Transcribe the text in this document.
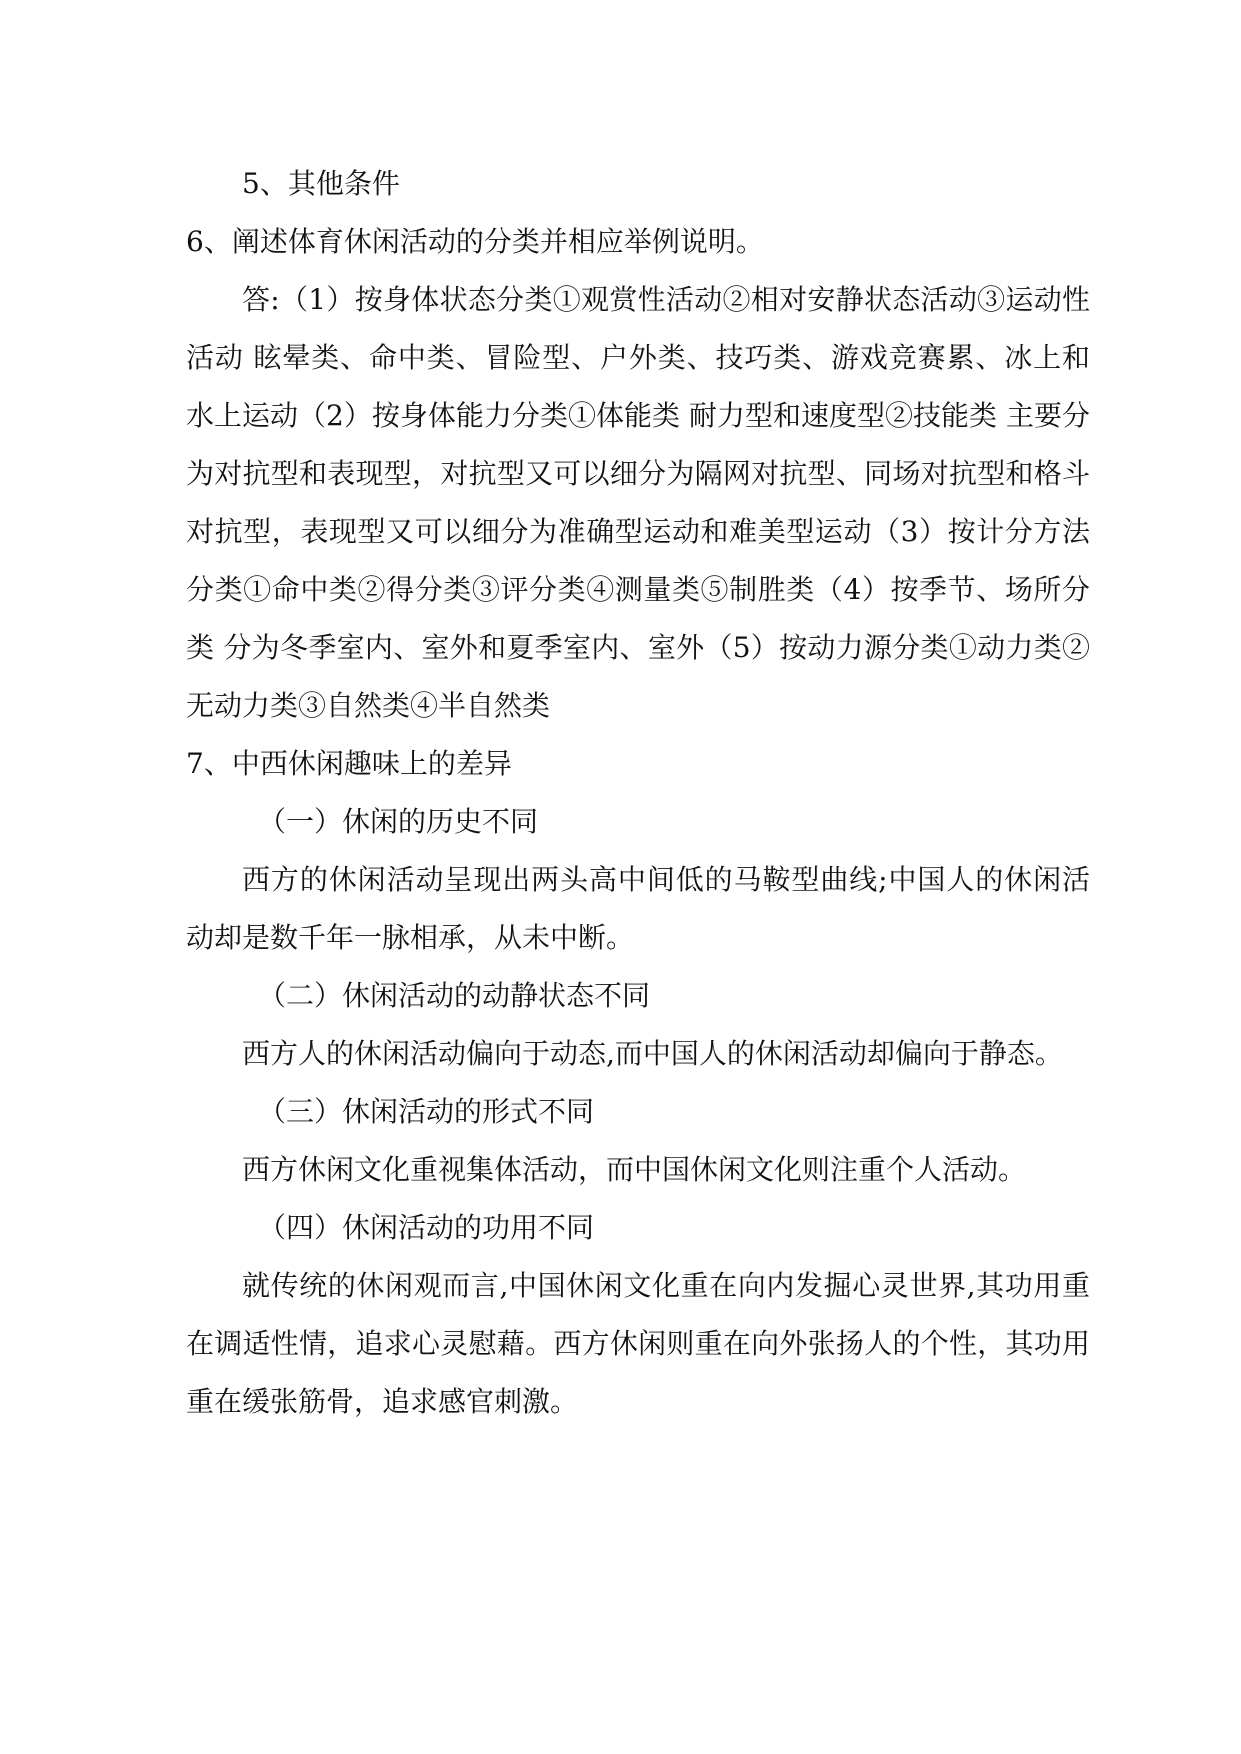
5、其他条件

6、阐述体育休闲活动的分类并相应举例说明。

答:（1）按身体状态分类①观赏性活动②相对安静状态活动③运动性活动 眩晕类、命中类、冒险型、户外类、技巧类、游戏竞赛累、冰上和水上运动（2）按身体能力分类①体能类 耐力型和速度型②技能类 主要分为对抗型和表现型，对抗型又可以细分为隔网对抗型、同场对抗型和格斗对抗型，表现型又可以细分为准确型运动和难美型运动（3）按计分方法分类①命中类②得分类③评分类④测量类⑤制胜类（4）按季节、场所分类 分为冬季室内、室外和夏季室内、室外（5）按动力源分类①动力类②无动力类③自然类④半自然类

7、中西休闲趣味上的差异

（一）休闲的历史不同

西方的休闲活动呈现出两头高中间低的马鞍型曲线;中国人的休闲活动却是数千年一脉相承，从未中断。

（二）休闲活动的动静状态不同

西方人的休闲活动偏向于动态,而中国人的休闲活动却偏向于静态。

（三）休闲活动的形式不同

西方休闲文化重视集体活动，而中国休闲文化则注重个人活动。

（四）休闲活动的功用不同

就传统的休闲观而言,中国休闲文化重在向内发掘心灵世界,其功用重在调适性情，追求心灵慰藉。西方休闲则重在向外张扬人的个性，其功用重在缓张筋骨，追求感官刺激。
